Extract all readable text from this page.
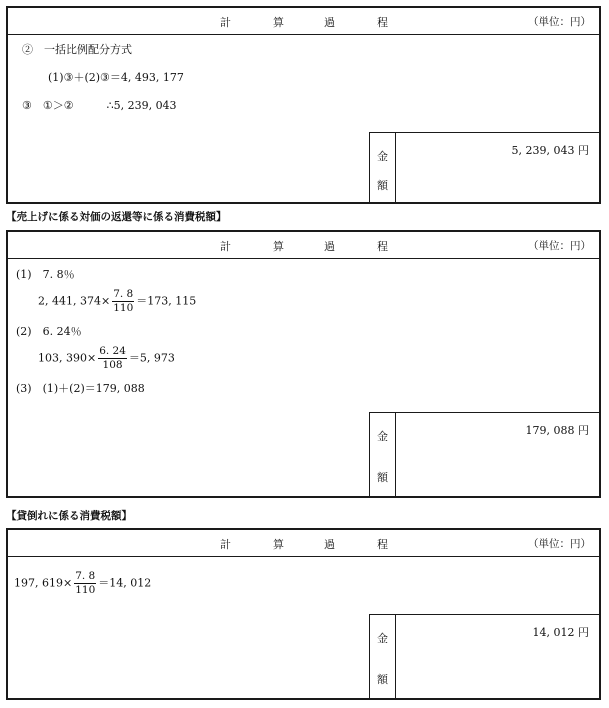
計	算	過	程	（単位：円）
②　一括比例配分方式
(1)③＋(2)③＝4, 493, 177
③　①＞②　　　∴5, 239, 043
金
額
5, 239, 043 円
【売上げに係る対価の返還等に係る消費税額】
計	算	過	程	（単位：円）
(1)　7. 8％
2, 441, $374\times \frac{7. 8}{110} =173$, 115
(2)　6. 24％
103, $390\times \frac{6. 24}{108} =5$, 973
(3)　(1)＋(2)＝179, 088
金
額
179, 088 円
【貸倒れに係る消費税額】
計	算	過	程	（単位：円）
197, $619\times \frac{7. 8}{110} =14$, 012
金
額
14, 012 円
